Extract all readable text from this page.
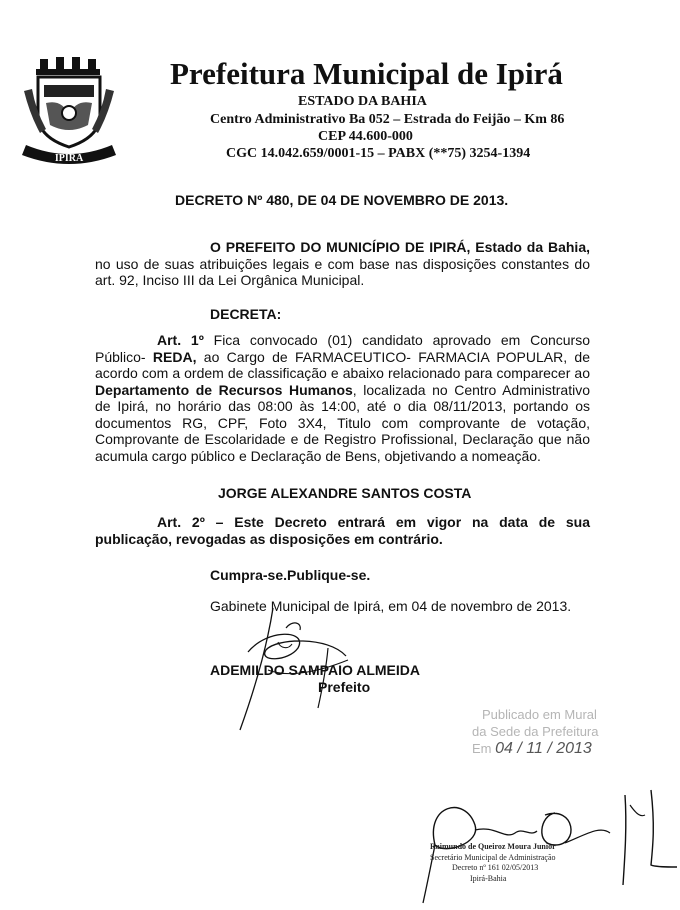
IPIRÁ
Prefeitura Municipal de Ipirá
ESTADO DA BAHIA
Centro Administrativo Ba 052 – Estrada do Feijão – Km 86
CEP 44.600-000
CGC 14.042.659/0001-15 – PABX (**75) 3254-1394
DECRETO Nº 480, DE 04 DE NOVEMBRO DE 2013.
O PREFEITO DO MUNICÍPIO DE IPIRÁ, Estado da Bahia, no uso de suas atribuições legais e com base nas disposições constantes do art. 92, Inciso III da Lei Orgânica Municipal.
DECRETA:
Art. 1º Fica convocado (01) candidato aprovado em Concurso Público- REDA, ao Cargo de FARMACEUTICO- FARMACIA POPULAR, de acordo com a ordem de classificação e abaixo relacionado para comparecer ao Departamento de Recursos Humanos, localizada no Centro Administrativo de Ipirá, no horário das 08:00 às 14:00, até o dia 08/11/2013, portando os documentos RG, CPF, Foto 3X4, Titulo com comprovante de votação, Comprovante de Escolaridade e de Registro Profissional, Declaração que não acumula cargo público e Declaração de Bens, objetivando a nomeação.
JORGE ALEXANDRE SANTOS COSTA
Art. 2º – Este Decreto entrará em vigor na data de sua publicação, revogadas as disposições em contrário.
Cumpra-se.Publique-se.
Gabinete Municipal de Ipirá, em 04 de novembro de 2013.
ADEMILDO SAMPAIO ALMEIDA
Prefeito
Publicado em Mural
da Sede da Prefeitura
Em 04 / 11 / 2013
Raimundo de Queiroz Moura Junior
Secretário Municipal de Administração
Decreto nº 161 02/05/2013
Ipirá-Bahia
